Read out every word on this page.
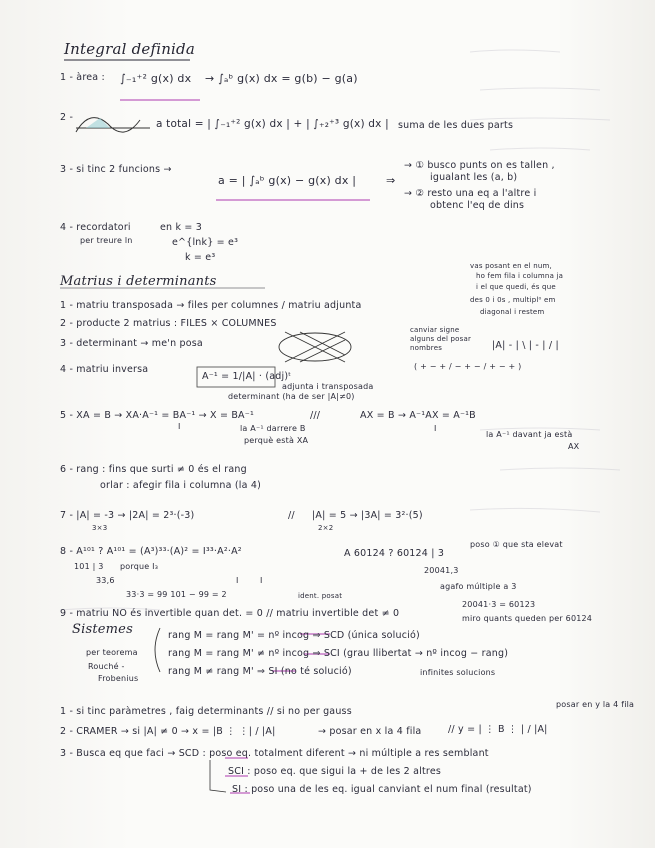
Integral definida
1 - àrea : ∫₋₁⁺² g(x) dx → ∫ₐᵇ g(x) dx = g(b) − g(a)
2 -
a total = | ∫₋₁⁺² g(x) dx | + | ∫₊₂⁺³ g(x) dx | suma de les dues parts
3 - si tinc 2 funcions →
a = | ∫ₐᵇ g(x) − g(x) dx |	⇒
→ ① busco punts on es tallen ,
igualant les (a, b)
→ ② resto una eq a l'altre i
obtenc l'eq de dins
4 - recordatori
per treure ln
en k = 3
e^{lnk} = e³
k = e³
Matrius i determinants
vas posant en el num,
ho fem fila i columna ja
i el que quedi, és que
des 0 i 0s , multipl⁰ em
diagonal i restem
1 - matriu transposada → files per columnes / matriu adjunta
2 - producte 2 matrius : FILES × COLUMNES
3 - determinant → me'n posa
canviar signe
alguns del posar
nombres	|A| - | \ | - | / |
( + − + / − + − / + − + )
4 - matriu inversa
A⁻¹ = 1/|A| · (adj)ᵗ
adjunta i transposada
determinant (ha de ser |A|≠0)
5 - XA = B → XA·A⁻¹ = BA⁻¹ → X = BA⁻¹	///	AX = B → A⁻¹AX = A⁻¹B
I	I
la A⁻¹ darrere B
perquè està XA
la A⁻¹ davant ja està
AX
6 - rang : fins que surti ≠ 0 és el rang
orlar : afegir fila i columna (la 4)
7 - |A| = -3 → |2A| = 2³·(-3)
3×3
// |A| = 5 → |3A| = 3²·(5)
2×2
8 - A¹⁰¹ ? A¹⁰¹ = (A³)³³·(A)² = I³³·A²·A²	A 60124 ? 60124 | 3
poso ① que sta elevat
101 | 3 porque I₃
33,6
33·3 = 99 101 − 99 = 2
20041,3
agafo múltiple a 3
20041·3 = 60123
miro quants queden per 60124
I	I
ident. posat
9 - matriu NO és invertible quan det. = 0 // matriu invertible det ≠ 0
Sistemes	rang M = rang M' = nº incog ⇒ SCD (única solució)
rang M = rang M' ≠ nº incog ⇒ SCI (grau llibertat → nº incog − rang)
rang M ≠ rang M' ⇒ SI (no té solució)
per teorema
Rouché -
Frobenius
infinites solucions
1 - si tinc paràmetres , faig determinants // si no per gauss
2 - CRAMER → si |A| ≠ 0 → x = |B ⋮ ⋮| / |A|	→ posar en x la 4 fila	// y = | ⋮ B ⋮ | / |A|
posar en y la 4 fila
3 - Busca eq que faci → SCD : poso eq. totalment diferent → ni múltiple a res semblant
SCI : poso eq. que sigui la + de les 2 altres
SI : poso una de les eq. igual canviant el num final (resultat)
